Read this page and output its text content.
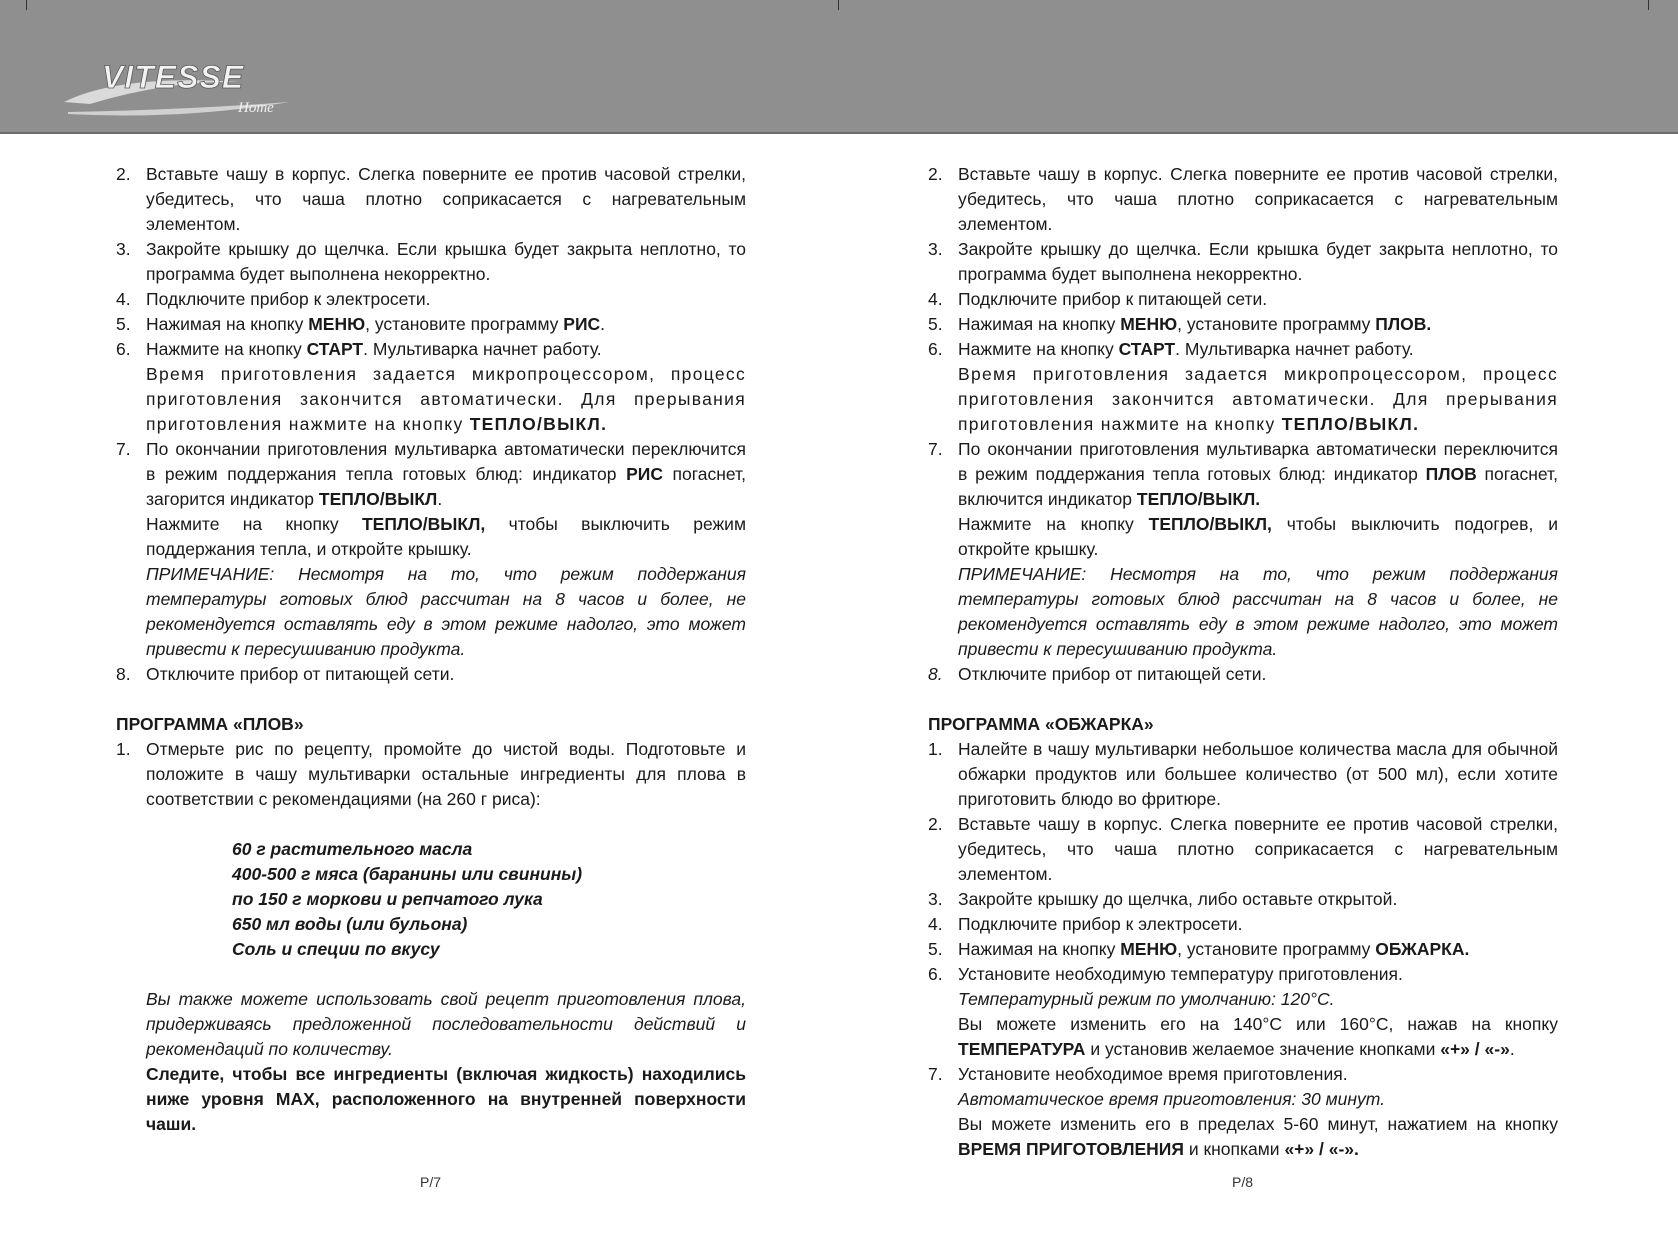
VITESSE
Home
2. Вставьте чашу в корпус. Слегка поверните ее против часовой стрелки, убедитесь, что чаша плотно соприкасается с нагревательным элементом.
3. Закройте крышку до щелчка. Если крышка будет закрыта неплотно, то программа будет выполнена некорректно.
4. Подключите прибор к электросети.
5. Нажимая на кнопку МЕНЮ, установите программу РИС.
6. Нажмите на кнопку СТАРТ. Мультиварка начнет работу.

Время приготовления задается микропроцессором, процесс приготовления закончится автоматически. Для прерывания приготовления нажмите на кнопку ТЕПЛО/ВЫКЛ.

7. По окончании приготовления мультиварка автоматически переключится в режим поддержания тепла готовых блюд: индикатор РИС погаснет, загорится индикатор ТЕПЛО/ВЫКЛ.

Нажмите на кнопку ТЕПЛО/ВЫКЛ, чтобы выключить режим поддержания тепла, и откройте крышку.

ПРИМЕЧАНИЕ: Несмотря на то, что режим поддержания температуры готовых блюд рассчитан на 8 часов и более, не рекомендуется оставлять еду в этом режиме надолго, это может привести к пересушиванию продукта.

8. Отключите прибор от питающей сети.
ПРОГРАММА «ПЛОВ»
1. Отмерьте рис по рецепту, промойте до чистой воды. Подготовьте и положите в чашу мультиварки остальные ингредиенты для плова в соответствии с рекомендациями (на 260 г риса):
60 г растительного масла
400-500 г мяса (баранины или свинины)
по 150 г моркови и репчатого лука
650 мл воды (или бульона)
Соль и специи по вкусу

Вы также можете использовать свой рецепт приготовления плова, придерживаясь предложенной последовательности действий и рекомендаций по количеству.

Следите, чтобы все ингредиенты (включая жидкость) находились ниже уровня MAX, расположенного на внутренней поверхности чаши.

P/7
2. Вставьте чашу в корпус. Слегка поверните ее против часовой стрелки, убедитесь, что чаша плотно соприкасается с нагревательным элементом.
3. Закройте крышку до щелчка. Если крышка будет закрыта неплотно, то программа будет выполнена некорректно.
4. Подключите прибор к питающей сети.
5. Нажимая на кнопку МЕНЮ, установите программу ПЛОВ.
6. Нажмите на кнопку СТАРТ. Мультиварка начнет работу.

Время приготовления задается микропроцессором, процесс приготовления закончится автоматически. Для прерывания приготовления нажмите на кнопку ТЕПЛО/ВЫКЛ.

7. По окончании приготовления мультиварка автоматически переключится в режим поддержания тепла готовых блюд: индикатор ПЛОВ погаснет, включится индикатор ТЕПЛО/ВЫКЛ.

Нажмите на кнопку ТЕПЛО/ВЫКЛ, чтобы выключить подогрев, и откройте крышку.

ПРИМЕЧАНИЕ: Несмотря на то, что режим поддержания температуры готовых блюд рассчитан на 8 часов и более, не рекомендуется оставлять еду в этом режиме надолго, это может привести к пересушиванию продукта.

8. Отключите прибор от питающей сети.
ПРОГРАММА «ОБЖАРКА»
1. Налейте в чашу мультиварки небольшое количества масла для обычной обжарки продуктов или большее количество (от 500 мл), если хотите приготовить блюдо во фритюре.
2. Вставьте чашу в корпус. Слегка поверните ее против часовой стрелки, убедитесь, что чаша плотно соприкасается с нагревательным элементом.
3. Закройте крышку до щелчка, либо оставьте открытой.
4. Подключите прибор к электросети.
5. Нажимая на кнопку МЕНЮ, установите программу ОБЖАРКА.
6. Установите необходимую температуру приготовления.

Температурный режим по умолчанию: 120°С.

Вы можете изменить его на 140°С или 160°С, нажав на кнопку ТЕМПЕРАТУРА и установив желаемое значение кнопками «+» / «-».

7. Установите необходимое время приготовления.

Автоматическое время приготовления: 30 минут.

Вы можете изменить его в пределах 5-60 минут, нажатием на кнопку ВРЕМЯ ПРИГОТОВЛЕНИЯ и кнопками «+» / «-».

P/8
